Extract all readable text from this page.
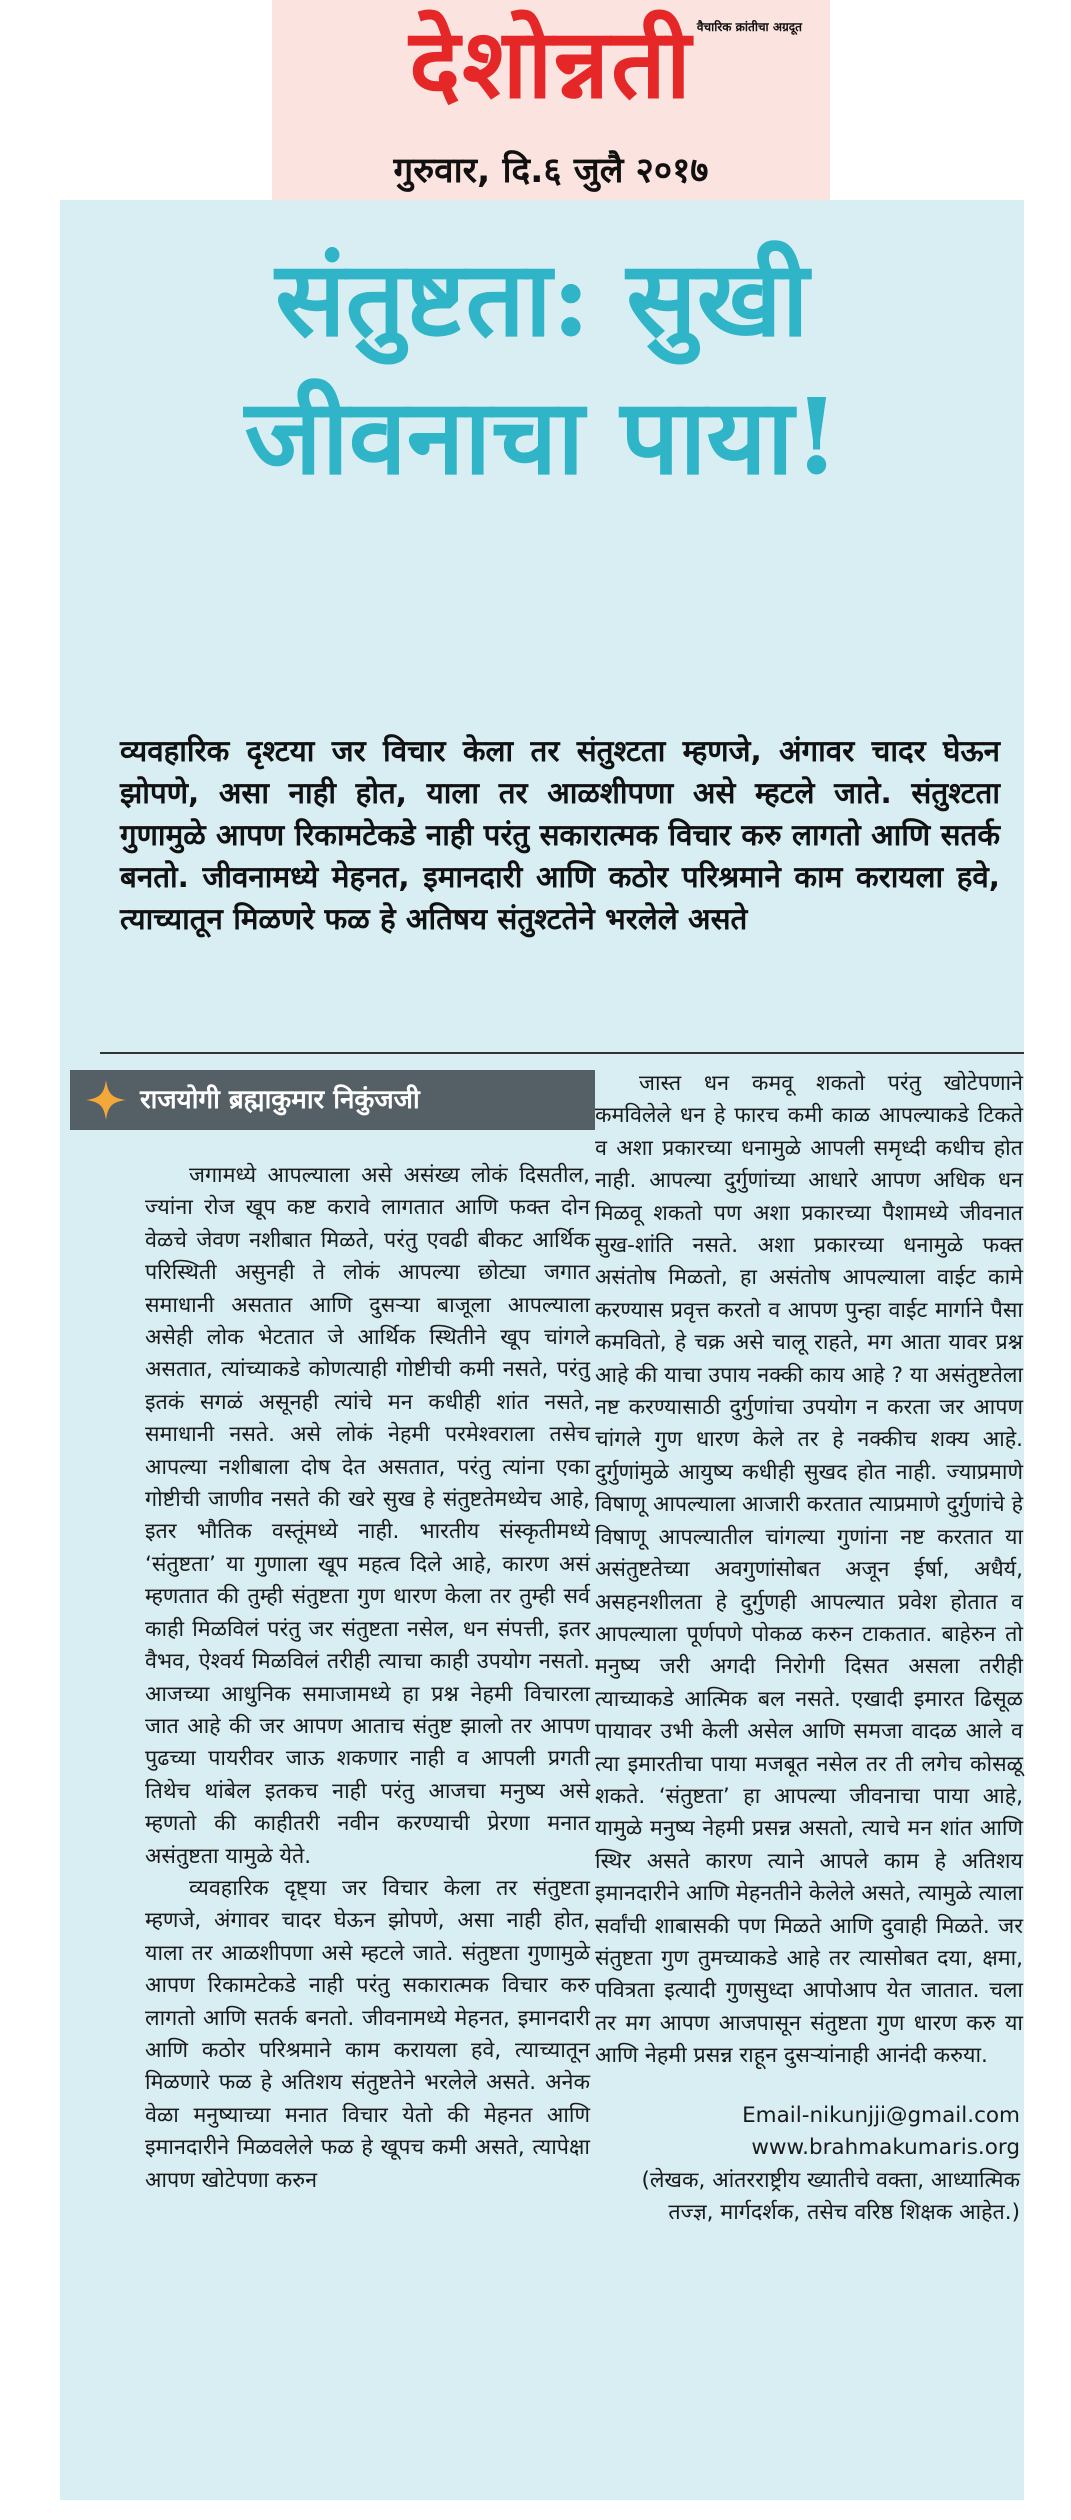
देशोन्नती वैचारिक क्रांतीचा अग्रदूत
गुरुवार, दि.६ जुलै २०१७
संतुष्टता: सुखी
जीवनाचा पाया!
व्यवहारिक दृश्टया जर विचार केला तर संतुश्टता म्हणजे, अंगावर चादर घेऊन झोपणे, असा नाही होत, याला तर आळशीपणा असे म्हटले जाते. संतुश्टता गुणामुळे आपण रिकामटेकडे नाही परंतु सकारात्मक विचार करु लागतो आणि सतर्क बनतो. जीवनामध्ये मेहनत, इमानदारी आणि कठोर परिश्रमाने काम करायला हवे, त्याच्यातून मिळणरे फळ हे अतिषय संतुश्टतेने भरलेले असते
राजयोगी ब्रह्माकुमार निकुंजजी

जगामध्ये आपल्याला असे असंख्य लोकं दिसतील, ज्यांना रोज खूप कष्ट करावे लागतात आणि फक्त दोन वेळचे जेवण नशीबात मिळते, परंतु एवढी बीकट आर्थिक परिस्थिती असुनही ते लोकं आपल्या छोट्या जगात समाधानी असतात आणि दुसऱ्या बाजूला आपल्याला असेही लोक भेटतात जे आर्थिक स्थितीने खूप चांगले असतात, त्यांच्याकडे कोणत्याही गोष्टीची कमी नसते, परंतु इतकं सगळं असूनही त्यांचे मन कधीही शांत नसते, समाधानी नसते. असे लोकं नेहमी परमेश्वराला तसेच आपल्या नशीबाला दोष देत असतात, परंतु त्यांना एका गोष्टीची जाणीव नसते की खरे सुख हे संतुष्टतेमध्येच आहे, इतर भौतिक वस्तूंमध्ये नाही. भारतीय संस्कृतीमध्ये ‘संतुष्टता’ या गुणाला खूप महत्व दिले आहे, कारण असं म्हणतात की तुम्ही संतुष्टता गुण धारण केला तर तुम्ही सर्व काही मिळविलं परंतु जर संतुष्टता नसेल, धन संपत्ती, इतर वैभव, ऐश्वर्य मिळविलं तरीही त्याचा काही उपयोग नसतो. आजच्या आधुनिक समाजामध्ये हा प्रश्न नेहमी विचारला जात आहे की जर आपण आताच संतुष्ट झालो तर आपण पुढच्या पायरीवर जाऊ शकणार नाही व आपली प्रगती तिथेच थांबेल इतकच नाही परंतु आजचा मनुष्य असे म्हणतो की काहीतरी नवीन करण्याची प्रेरणा मनात असंतुष्टता यामुळे येते.

व्यवहारिक दृष्ट्या जर विचार केला तर संतुष्टता म्हणजे, अंगावर चादर घेऊन झोपणे, असा नाही होत, याला तर आळशीपणा असे म्हटले जाते. संतुष्टता गुणामुळे आपण रिकामटेकडे नाही परंतु सकारात्मक विचार करु लागतो आणि सतर्क बनतो. जीवनामध्ये मेहनत, इमानदारी आणि कठोर परिश्रमाने काम करायला हवे, त्याच्यातून मिळणारे फळ हे अतिशय संतुष्टतेने भरलेले असते. अनेक वेळा मनुष्याच्या मनात विचार येतो की मेहनत आणि इमानदारीने मिळवलेले फळ हे खूपच कमी असते, त्यापेक्षा आपण खोटेपणा करुन

जास्त धन कमवू शकतो परंतु खोटेपणाने कमविलेले धन हे फारच कमी काळ आपल्याकडे टिकते व अशा प्रकारच्या धनामुळे आपली समृध्दी कधीच होत नाही. आपल्या दुर्गुणांच्या आधारे आपण अधिक धन मिळवू शकतो पण अशा प्रकारच्या पैशामध्ये जीवनात सुख-शांति नसते. अशा प्रकारच्या धनामुळे फक्त असंतोष मिळतो, हा असंतोष आपल्याला वाईट कामे करण्यास प्रवृत्त करतो व आपण पुन्हा वाईट मार्गाने पैसा कमवितो, हे चक्र असे चालू राहते, मग आता यावर प्रश्न आहे की याचा उपाय नक्की काय आहे ? या असंतुष्टतेला नष्ट करण्यासाठी दुर्गुणांचा उपयोग न करता जर आपण चांगले गुण धारण केले तर हे नक्कीच शक्य आहे. दुर्गुणांमुळे आयुष्य कधीही सुखद होत नाही. ज्याप्रमाणे विषाणू आपल्याला आजारी करतात त्याप्रमाणे दुर्गुणांचे हे विषाणू आपल्यातील चांगल्या गुणांना नष्ट करतात या असंतुष्टतेच्या अवगुणांसोबत अजून ईर्षा, अधैर्य, असहनशीलता हे दुर्गुणही आपल्यात प्रवेश होतात व आपल्याला पूर्णपणे पोकळ करुन टाकतात. बाहेरुन तो मनुष्य जरी अगदी निरोगी दिसत असला तरीही त्याच्याकडे आत्मिक बल नसते. एखादी इमारत ढिसूळ पायावर उभी केली असेल आणि समजा वादळ आले व त्या इमारतीचा पाया मजबूत नसेल तर ती लगेच कोसळू शकते. ‘संतुष्टता’ हा आपल्या जीवनाचा पाया आहे, यामुळे मनुष्य नेहमी प्रसन्न असतो, त्याचे मन शांत आणि स्थिर असते कारण त्याने आपले काम हे अतिशय इमानदारीने आणि मेहनतीने केलेले असते, त्यामुळे त्याला सर्वांची शाबासकी पण मिळते आणि दुवाही मिळते. जर संतुष्टता गुण तुमच्याकडे आहे तर त्यासोबत दया, क्षमा, पवित्रता इत्यादी गुणसुध्दा आपोआप येत जातात. चला तर मग आपण आजपासून संतुष्टता गुण धारण करु या आणि नेहमी प्रसन्न राहून दुसऱ्यांनाही आनंदी करुया.

Email-nikunjji@gmail.com
www.brahmakumaris.org
(लेखक, आंतरराष्ट्रीय ख्यातीचे वक्ता, आध्यात्मिक तज्ज्ञ, मार्गदर्शक, तसेच वरिष्ठ शिक्षक आहेत.)
